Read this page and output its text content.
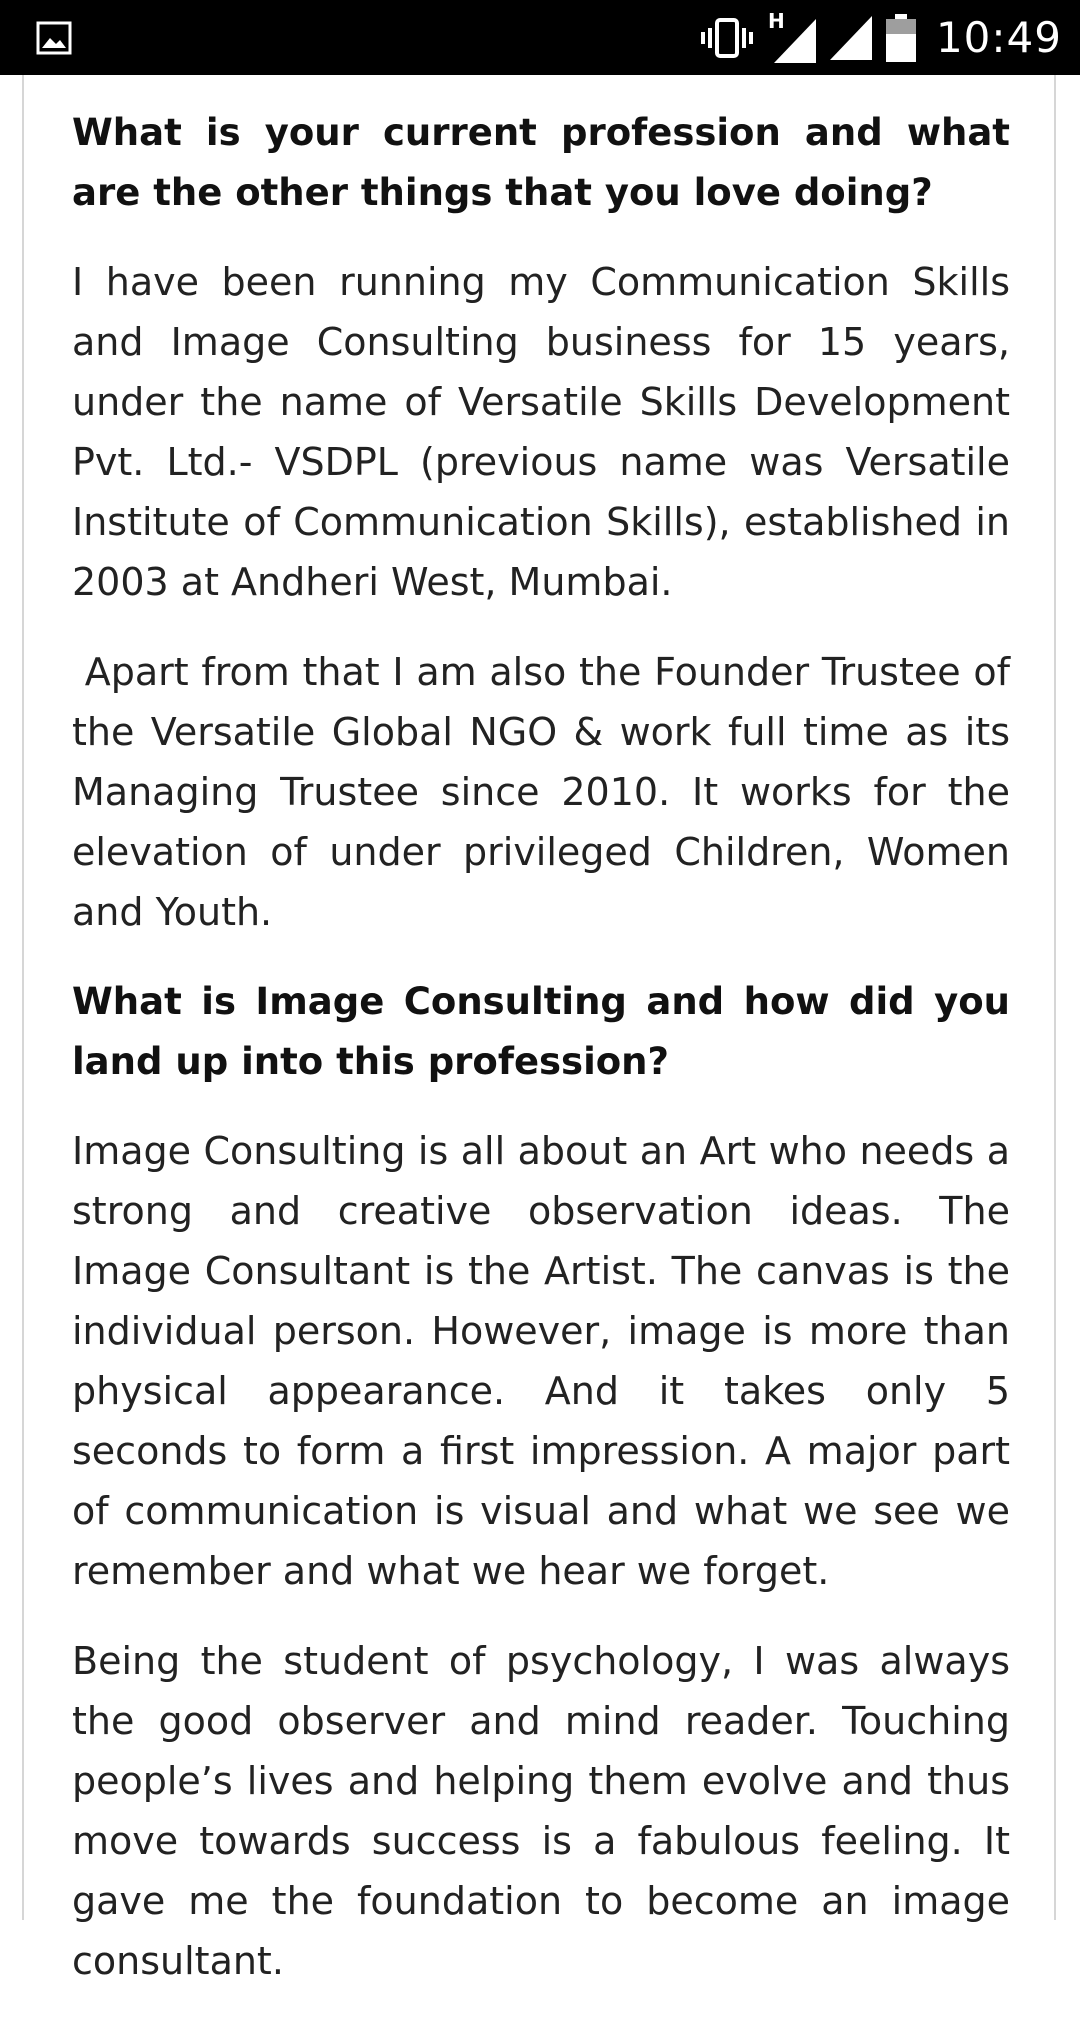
H	10:49

What is your current profession and what are the other things that you love doing?

I have been running my Communication Skills and Image Consulting business for 15 years, under the name of Versatile Skills Development Pvt. Ltd.- VSDPL (previous name was Versatile Institute of Communication Skills), established in 2003 at Andheri West, Mumbai.

Apart from that I am also the Founder Trustee of the Versatile Global NGO & work full time as its Managing Trustee since 2010. It works for the elevation of under privileged Children, Women and Youth.

What is Image Consulting and how did you land up into this profession?

Image Consulting is all about an Art who needs a strong and creative observation ideas. The Image Consultant is the Artist. The canvas is the individual person. However, image is more than physical appearance. And it takes only 5 seconds to form a first impression. A major part of communication is visual and what we see we remember and what we hear we forget.

Being the student of psychology, I was always the good observer and mind reader. Touching people’s lives and helping them evolve and thus move towards success is a fabulous feeling. It gave me the foundation to become an image consultant.
